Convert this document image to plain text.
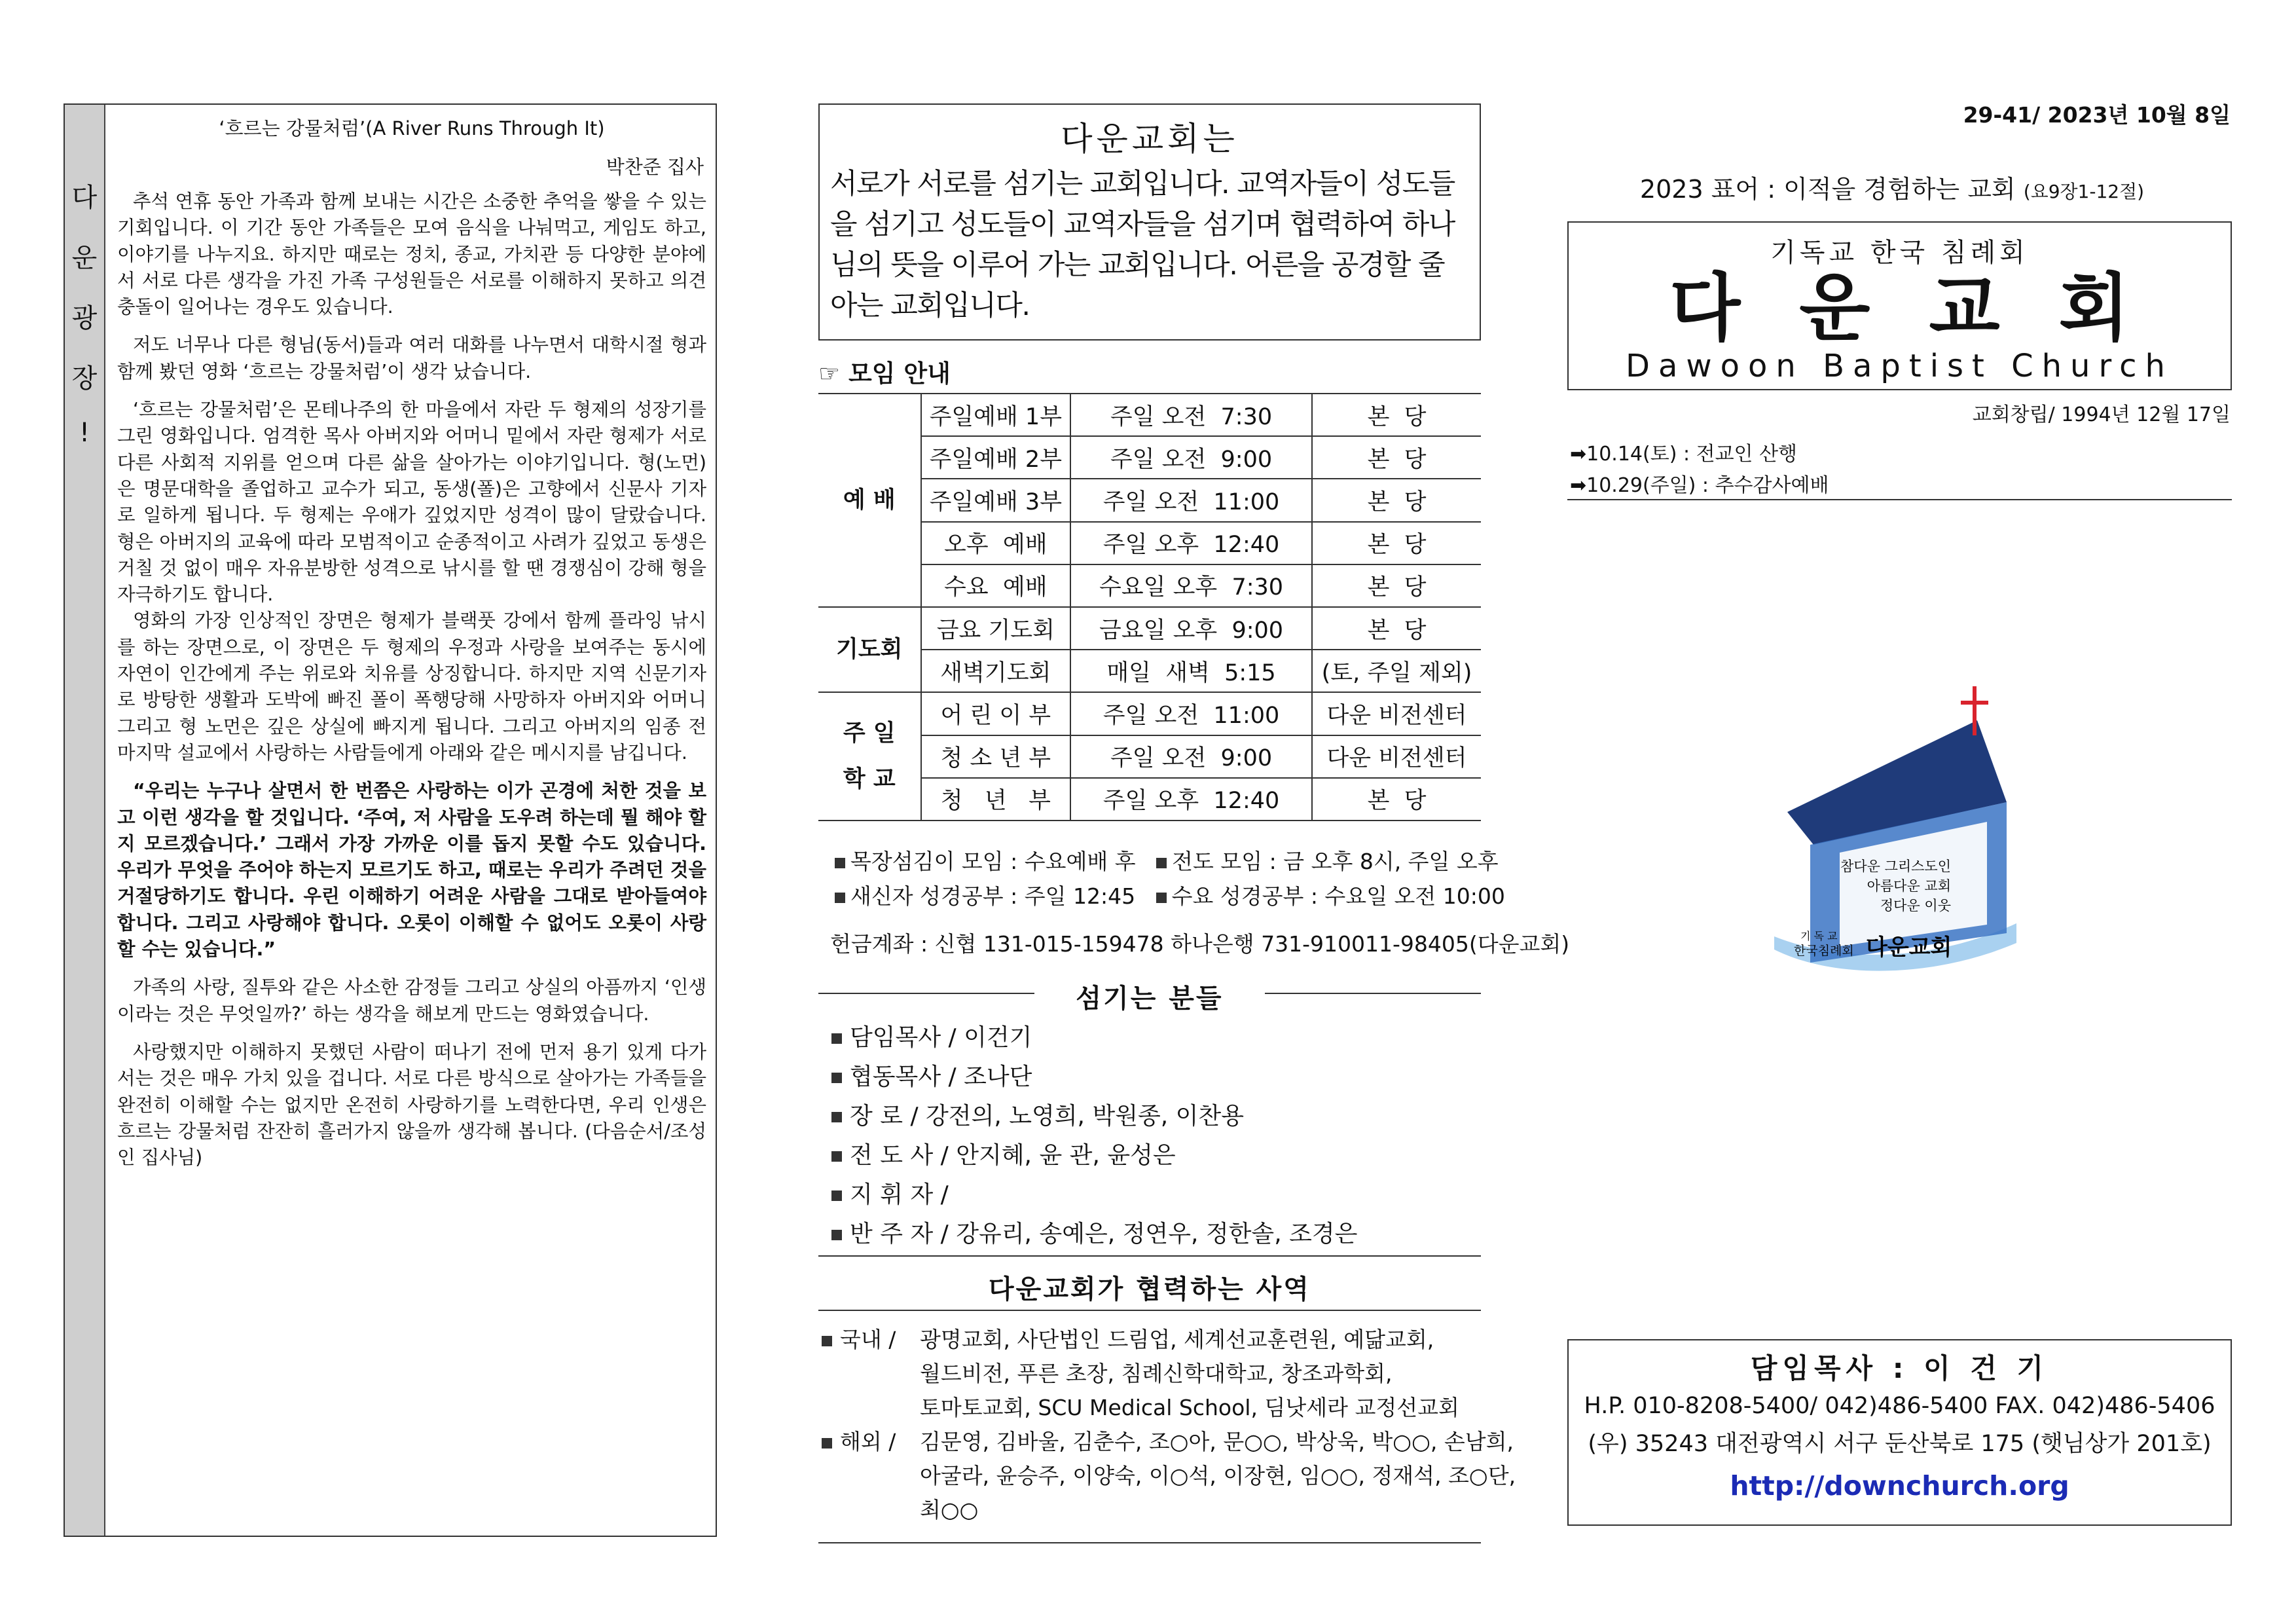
다
운
광
장
!
‘흐르는 강물처럼’(A River Runs Through It)
박찬준 집사

추석 연휴 동안 가족과 함께 보내는 시간은 소중한 추억을 쌓을 수 있는 기회입니다. 이 기간 동안 가족들은 모여 음식을 나눠먹고, 게임도 하고, 이야기를 나누지요. 하지만 때로는 정치, 종교, 가치관 등 다양한 분야에서 서로 다른 생각을 가진 가족 구성원들은 서로를 이해하지 못하고 의견 충돌이 일어나는 경우도 있습니다.

저도 너무나 다른 형님(동서)들과 여러 대화를 나누면서 대학시절 형과 함께 봤던 영화 ‘흐르는 강물처럼’이 생각 났습니다.

‘흐르는 강물처럼’은 몬테나주의 한 마을에서 자란 두 형제의 성장기를 그린 영화입니다. 엄격한 목사 아버지와 어머니 밑에서 자란 형제가 서로 다른 사회적 지위를 얻으며 다른 삶을 살아가는 이야기입니다. 형(노먼)은 명문대학을 졸업하고 교수가 되고, 동생(폴)은 고향에서 신문사 기자로 일하게 됩니다. 두 형제는 우애가 깊었지만 성격이 많이 달랐습니다. 형은 아버지의 교육에 따라 모범적이고 순종적이고 사려가 깊었고 동생은 거칠 것 없이 매우 자유분방한 성격으로 낚시를 할 땐 경쟁심이 강해 형을 자극하기도 합니다.

영화의 가장 인상적인 장면은 형제가 블랙풋 강에서 함께 플라잉 낚시를 하는 장면으로, 이 장면은 두 형제의 우정과 사랑을 보여주는 동시에 자연이 인간에게 주는 위로와 치유를 상징합니다. 하지만 지역 신문기자로 방탕한 생활과 도박에 빠진 폴이 폭행당해 사망하자 아버지와 어머니 그리고 형 노먼은 깊은 상실에 빠지게 됩니다. 그리고 아버지의 임종 전 마지막 설교에서 사랑하는 사람들에게 아래와 같은 메시지를 남깁니다.

“우리는 누구나 살면서 한 번쯤은 사랑하는 이가 곤경에 처한 것을 보고 이런 생각을 할 것입니다. ‘주여, 저 사람을 도우려 하는데 뭘 해야 할지 모르겠습니다.’ 그래서 가장 가까운 이를 돕지 못할 수도 있습니다. 우리가 무엇을 주어야 하는지 모르기도 하고, 때로는 우리가 주려던 것을 거절당하기도 합니다. 우린 이해하기 어려운 사람을 그대로 받아들여야 합니다. 그리고 사랑해야 합니다. 오롯이 이해할 수 없어도 오롯이 사랑할 수는 있습니다.”

가족의 사랑, 질투와 같은 사소한 감정들 그리고 상실의 아픔까지 ‘인생이라는 것은 무엇일까?’ 하는 생각을 해보게 만드는 영화였습니다.

사랑했지만 이해하지 못했던 사람이 떠나기 전에 먼저 용기 있게 다가서는 것은 매우 가치 있을 겁니다. 서로 다른 방식으로 살아가는 가족들을 완전히 이해할 수는 없지만 온전히 사랑하기를 노력한다면, 우리 인생은 흐르는 강물처럼 잔잔히 흘러가지 않을까 생각해 봅니다. (다음순서/조성인 집사님)

다운교회는
서로가 서로를 섬기는 교회입니다. 교역자들이 성도들을 섬기고 성도들이 교역자들을 섬기며 협력하여 하나님의 뜻을 이루어 가는 교회입니다. 어른을 공경할 줄 아는 교회입니다.
☞ 모임 안내
예 배	주일예배 1부	주일 오전  7:30	본  당
	주일예배 2부	주일 오전  9:00	본  당
	주일예배 3부	주일 오전  11:00	본  당
	오후  예배	주일 오후  12:40	본  당
	수요  예배	수요일 오후  7:30	본  당
기도회	금요 기도회	금요일 오후  9:00	본  당
	새벽기도회	매일  새벽  5:15	(토, 주일 제외)
주 일
학 교	어 린 이 부	주일 오전  11:00	다운 비전센터
	청 소 년 부	주일 오전  9:00	다운 비전센터
	청   년   부	주일 오후  12:40	본  당
목장섬김이 모임 : 수요예배 후 전도 모임 : 금 오후 8시, 주일 오후
새신자 성경공부 : 주일 12:45 수요 성경공부 : 수요일 오전 10:00
헌금계좌 : 신협 131-015-159478 하나은행 731-910011-98405(다운교회)
섬기는 분들
담임목사 / 이건기
협동목사 / 조나단
장 로 / 강전의, 노영희, 박원종, 이찬용
전 도 사 / 안지혜, 윤 관, 윤성은
지 휘 자 /
반 주 자 / 강유리, 송예은, 정연우, 정한솔, 조경은
다운교회가 협력하는 사역
국내 /	광명교회, 사단법인 드림업, 세계선교훈련원, 예닮교회,
월드비전, 푸른 초장, 침례신학대학교, 창조과학회,
토마토교회, SCU Medical School, 딤낫세라 교정선교회
해외 /	김문영, 김바울, 김춘수, 조○아, 문○○, 박상욱, 박○○, 손남희,
아굴라, 윤승주, 이양숙, 이○석, 이장현, 임○○, 정재석, 조○단,
최○○
29-41/ 2023년 10월 8일
2023 표어 : 이적을 경험하는 교회 (요9장1-12절)
기독교 한국 침례회
다운교회
Dawoon Baptist Church
교회창립/ 1994년 12월 17일
➡10.14(토) : 전교인 산행
➡10.29(주일) : 추수감사예배
참다운 그리스도인
아름다운 교회
정다운 이웃
기 독 교
한국침례회 다운교회
담임목사 : 이 건 기
H.P. 010-8208-5400/ 042)486-5400 FAX. 042)486-5406
(우) 35243 대전광역시 서구 둔산북로 175 (햇님상가 201호)
http://downchurch.org
